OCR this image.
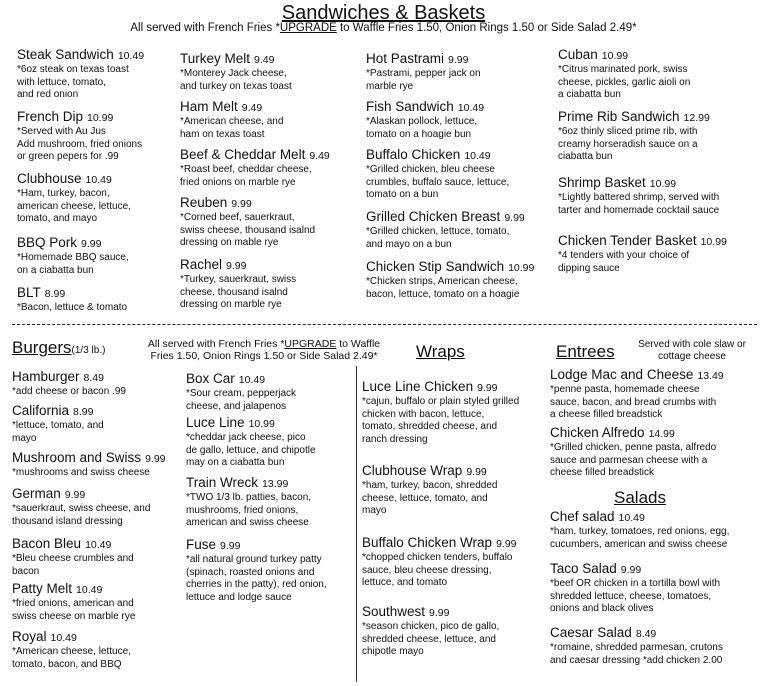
Sandwiches & Baskets
All served with French Fries *UPGRADE to Waffle Fries 1.50, Onion Rings 1.50 or Side Salad 2.49*
Steak Sandwich 10.49
*6oz steak on texas toast
with lettuce, tomato,
and red onion
French Dip 10.99
*Served with Au Jus
Add mushroom, fried onions
or green pepers for .99
Clubhouse 10.49
*Ham, turkey, bacon,
american cheese, lettuce,
tomato, and mayo
BBQ Pork 9.99
*Homemade BBQ sauce,
on a ciabatta bun
BLT 8.99
*Bacon, lettuce & tomato
Turkey Melt 9.49
*Monterey Jack cheese,
and turkey on texas toast
Ham Melt 9.49
*American cheese, and
ham on texas toast
Beef & Cheddar Melt 9.49
*Roast beef, cheddar cheese,
fried onions on marble rye
Reuben 9.99
*Corned beef, sauerkraut,
swiss cheese, thousand isalnd
dressing on mable rye
Rachel 9.99
*Turkey, sauerkraut, swiss
cheese, thousand isalnd
dressing on marble rye
Hot Pastrami 9.99
*Pastrami, pepper jack on
marble rye
Fish Sandwich 10.49
*Alaskan pollock, lettuce,
tomato on a hoagie bun
Buffalo Chicken 10.49
*Grilled chicken, bleu cheese
crumbles, buffalo sauce, lettuce,
tomato on a bun
Grilled Chicken Breast 9.99
*Grilled chicken, lettuce, tomato,
and mayo on a bun
Chicken Stip Sandwich 10.99
*Chicken strips, American cheese,
bacon, lettuce, tomato on a hoagie
Cuban 10.99
*Citrus marinated pork, swiss
cheese, pickles, garlic aioli on
a ciabatta bun
Prime Rib Sandwich 12.99
*6oz thinly sliced prime rib, with
creamy horseradish sauce on a
ciabatta bun
Shrimp Basket 10.99
*Lightly battered shrimp, served with
tarter and homemade cocktail sauce
Chicken Tender Basket 10.99
*4 tenders with your choice of
dipping sauce
Burgers(1/3 lb.)
All served with French Fries *UPGRADE to Waffle
Fries 1.50, Onion Rings 1.50 or Side Salad 2.49*
Hamburger 8.49
*add cheese or bacon .99
California 8.99
*lettuce, tomato, and
mayo
Mushroom and Swiss 9.99
*mushrooms and swiss cheese
German 9.99
*sauerkraut, swiss cheese, and
thousand island dressing
Bacon Bleu 10.49
*Bleu cheese crumbles and
bacon
Patty Melt 10.49
*fried onions, american and
swiss cheese on marble rye
Royal 10.49
*American cheese, lettuce,
tomato, bacon, and BBQ
Box Car 10.49
*Sour cream, pepperjack
cheese, and jalapenos
Luce Line 10.99
*cheddar jack cheese, pico
de gallo, lettuce, and chipotle
may on a ciabatta bun
Train Wreck 13.99
*TWO 1/3 lb. patties, bacon,
mushrooms, fried onions,
american and swiss cheese
Fuse 9.99
*all natural ground turkey patty
(spinach, roasted onions and
cherries in the patty), red onion,
lettuce and lodge sauce
Wraps
Luce Line Chicken 9.99
*cajun, buffalo or plain styled grilled
chicken with bacon, lettuce,
tomato, shredded cheese, and
ranch dressing
Clubhouse Wrap 9.99
*ham, turkey, bacon, shredded
cheese, lettuce, tomato, and
mayo
Buffalo Chicken Wrap 9.99
*chopped chicken tenders, buffalo
sauce, bleu cheese dressing,
lettuce, and tomato
Southwest 9.99
*season chicken, pico de gallo,
shredded cheese, lettuce, and
chipotle mayo
Entrees	Served with cole slaw or
cottage cheese
Lodge Mac and Cheese 13.49
*penne pasta, homemade cheese
sauce, bacon, and bread crumbs with
a cheese filled breadstick
Chicken Alfredo 14.99
*Grilled chicken, penne pasta, alfredo
sauce and parmesan cheese with a
cheese filled breadstick
Salads
Chef salad 10.49
*ham, turkey, tomatoes, red onions, egg,
cucumbers, american and swiss cheese
Taco Salad 9.99
*beef OR chicken in a tortilla bowl with
shredded lettuce, cheese, tomatoes,
onions and black olives
Caesar Salad 8.49
*romaine, shredded parmesan, crutons
and caesar dressing *add chicken 2.00
